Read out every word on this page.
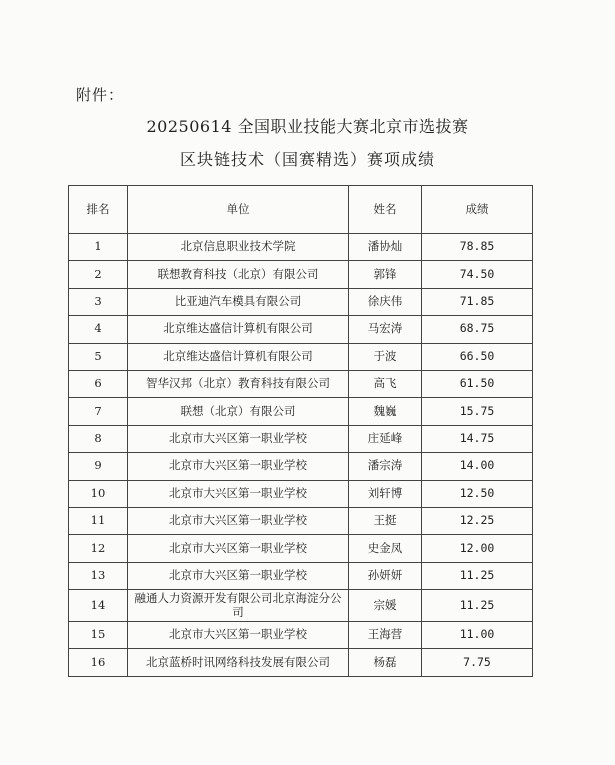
附件：
20250614 全国职业技能大赛北京市选拔赛
区块链技术（国赛精选）赛项成绩
排名	单位	姓名	成绩
1	北京信息职业技术学院	潘协灿	78.85
2	联想教育科技（北京）有限公司	郭锋	74.50
3	比亚迪汽车模具有限公司	徐庆伟	71.85
4	北京维达盛信计算机有限公司	马宏涛	68.75
5	北京维达盛信计算机有限公司	于波	66.50
6	智华汉邦（北京）教育科技有限公司	高飞	61.50
7	联想（北京）有限公司	魏巍	15.75
8	北京市大兴区第一职业学校	庄延峰	14.75
9	北京市大兴区第一职业学校	潘宗涛	14.00
10	北京市大兴区第一职业学校	刘轩博	12.50
11	北京市大兴区第一职业学校	王挺	12.25
12	北京市大兴区第一职业学校	史金凤	12.00
13	北京市大兴区第一职业学校	孙妍妍	11.25
14	融通人力资源开发有限公司北京海淀分公司	宗媛	11.25
15	北京市大兴区第一职业学校	王海营	11.00
16	北京蓝桥时讯网络科技发展有限公司	杨磊	7.75
